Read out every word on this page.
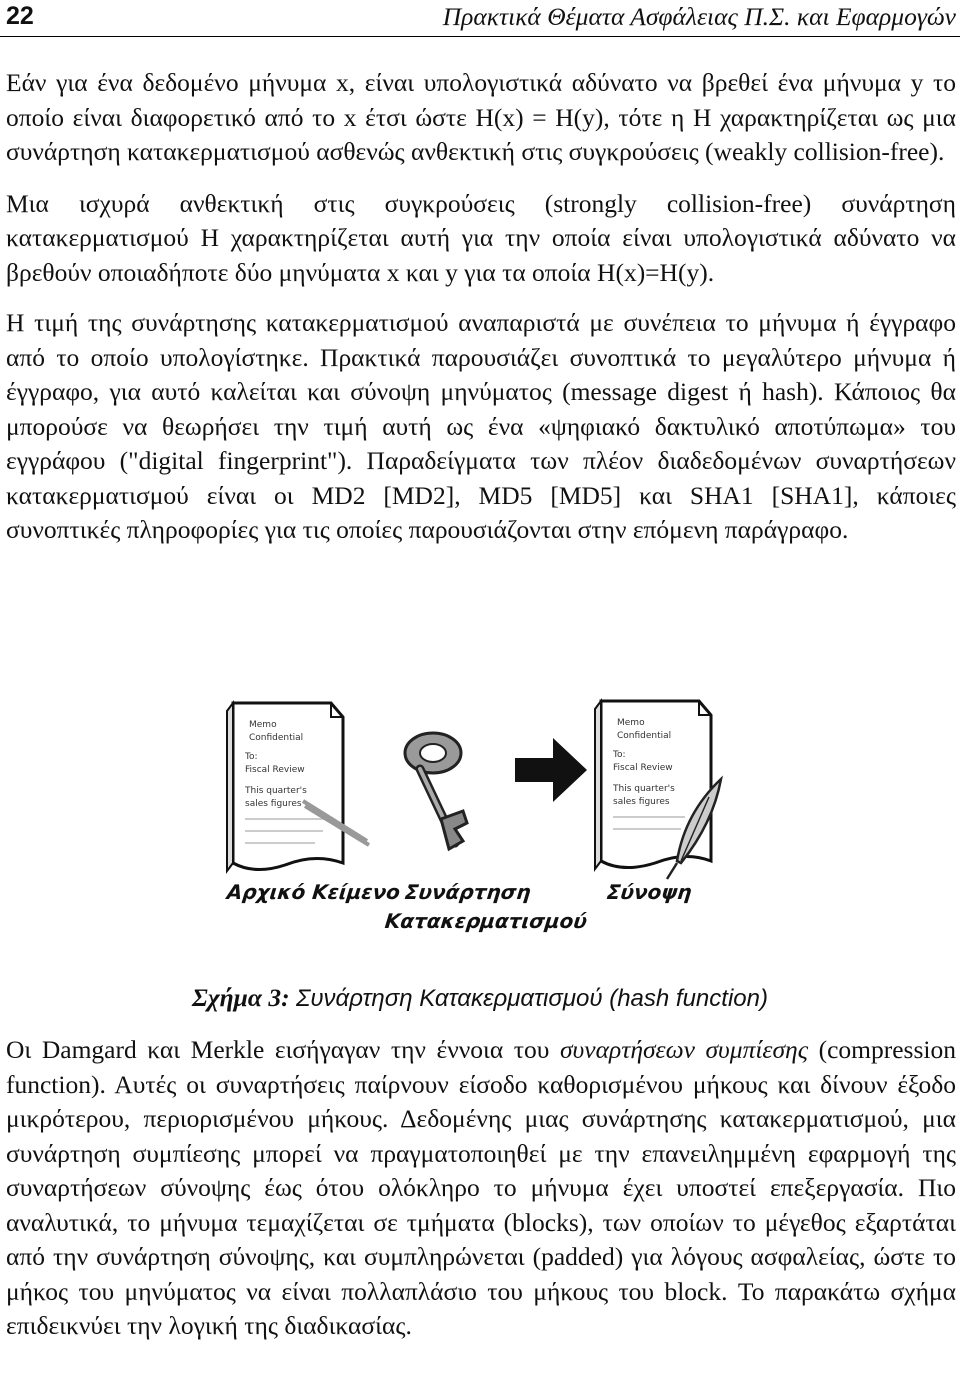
22	Πρακτικά Θέματα Ασφάλειας Π.Σ. και Εφαρμογών

Εάν για ένα δεδομένο μήνυμα x, είναι υπολογιστικά αδύνατο να βρεθεί ένα μήνυμα y το οποίο είναι διαφορετικό από το x έτσι ώστε H(x) = H(y), τότε η H χαρακτηρίζεται ως μια συνάρτηση κατακερματισμού ασθενώς ανθεκτική στις συγκρούσεις (weakly collision-free).

Μια ισχυρά ανθεκτική στις συγκρούσεις (strongly collision-free) συνάρτηση κατακερματισμού H χαρακτηρίζεται αυτή για την οποία είναι υπολογιστικά αδύνατο να βρεθούν οποιαδήποτε δύο μηνύματα x και y για τα οποία H(x)=H(y).

Η τιμή της συνάρτησης κατακερματισμού αναπαριστά με συνέπεια το μήνυμα ή έγγραφο από το οποίο υπολογίστηκε. Πρακτικά παρουσιάζει συνοπτικά το μεγαλύτερο μήνυμα ή έγγραφο, για αυτό καλείται και σύνοψη μηνύματος (message digest ή hash). Κάποιος θα μπορούσε να θεωρήσει την τιμή αυτή ως ένα «ψηφιακό δακτυλικό αποτύπωμα» του εγγράφου ("digital fingerprint"). Παραδείγματα των πλέον διαδεδομένων συναρτήσεων κατακερματισμού είναι οι MD2 [MD2], MD5 [MD5] και SHA1 [SHA1], κάποιες συνοπτικές πληροφορίες για τις οποίες παρουσιάζονται στην επόμενη παράγραφο.

Memo
Confidential
To:
Fiscal Review
This quarter's
sales figures
Memo
Confidential
To:
Fiscal Review
This quarter's
sales figures
Αρχικό Κείμενο Συνάρτηση
Κατακερματισμού
Σύνοψη
Σχήμα 3: Συνάρτηση Κατακερματισμού (hash function)

Οι Damgard και Merkle εισήγαγαν την έννοια του συναρτήσεων συμπίεσης (compression function). Αυτές οι συναρτήσεις παίρνουν είσοδο καθορισμένου μήκους και δίνουν έξοδο μικρότερου, περιορισμένου μήκους. Δεδομένης μιας συνάρτησης κατακερματισμού, μια συνάρτηση συμπίεσης μπορεί να πραγματοποιηθεί με την επανειλημμένη εφαρμογή της συναρτήσεων σύνοψης έως ότου ολόκληρο το μήνυμα έχει υποστεί επεξεργασία. Πιο αναλυτικά, το μήνυμα τεμαχίζεται σε τμήματα (blocks), των οποίων το μέγεθος εξαρτάται από την συνάρτηση σύνοψης, και συμπληρώνεται (padded) για λόγους ασφαλείας, ώστε το μήκος του μηνύματος να είναι πολλαπλάσιο του μήκους του block. Το παρακάτω σχήμα επιδεικνύει την λογική της διαδικασίας.
